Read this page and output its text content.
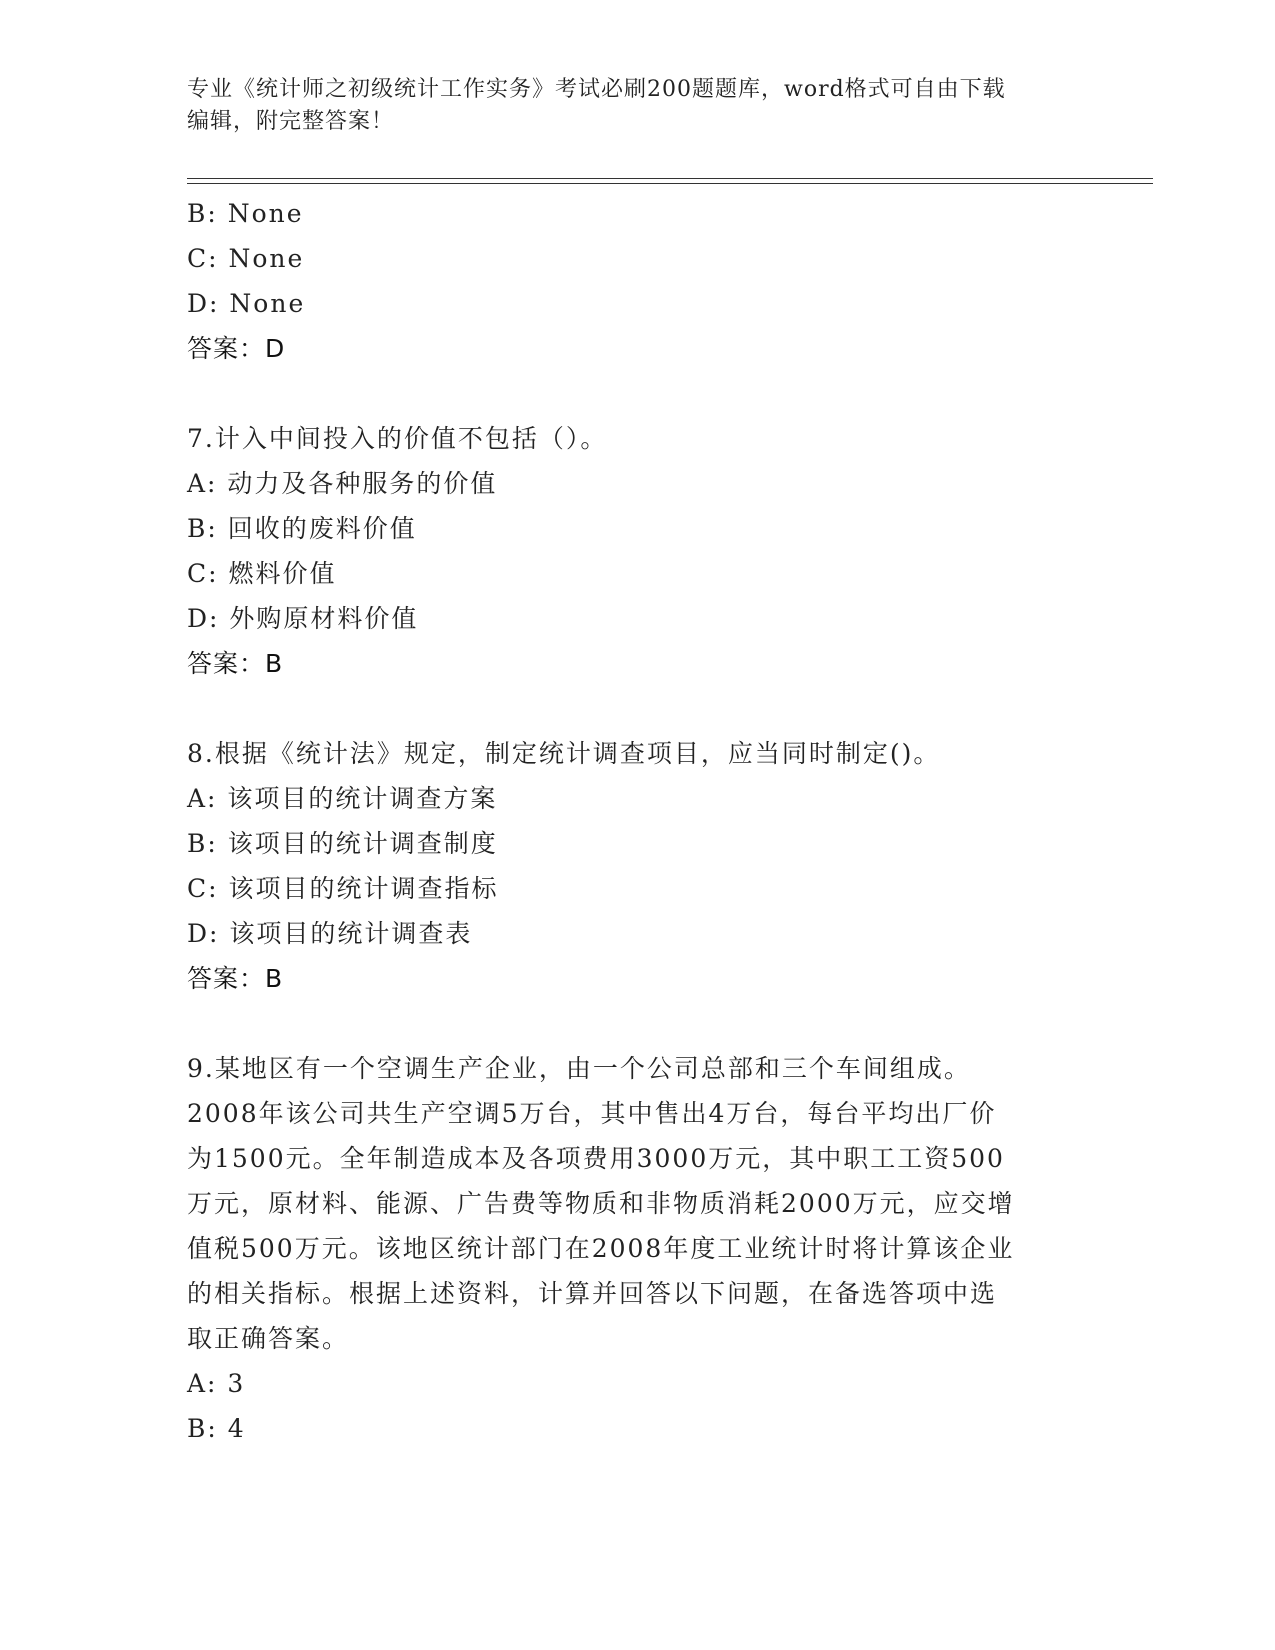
专业《统计师之初级统计工作实务》考试必刷200题题库，word格式可自由下载
编辑，附完整答案！
B: None
C: None
D: None
答案：D
7.计入中间投入的价值不包括（）。
A: 动力及各种服务的价值
B: 回收的废料价值
C: 燃料价值
D: 外购原材料价值
答案：B
8.根据《统计法》规定，制定统计调查项目，应当同时制定()。
A: 该项目的统计调查方案
B: 该项目的统计调查制度
C: 该项目的统计调查指标
D: 该项目的统计调查表
答案：B
9.某地区有一个空调生产企业，由一个公司总部和三个车间组成。
2008年该公司共生产空调5万台，其中售出4万台，每台平均出厂价
为1500元。全年制造成本及各项费用3000万元，其中职工工资500
万元，原材料、能源、广告费等物质和非物质消耗2000万元，应交增
值税500万元。该地区统计部门在2008年度工业统计时将计算该企业
的相关指标。根据上述资料，计算并回答以下问题，在备选答项中选
取正确答案。
A: 3
B: 4
